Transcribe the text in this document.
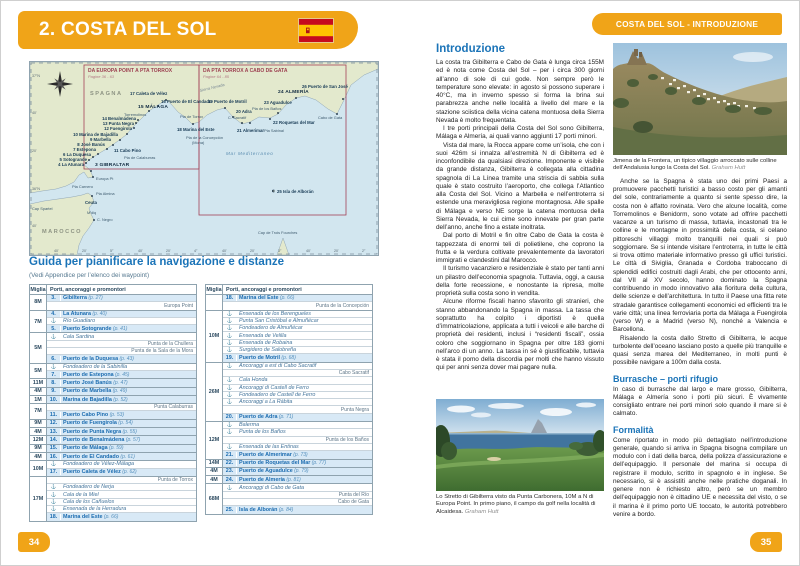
2. COSTA DEL SOL
DA EUROPA POINT A PTA TORROX
Pagine 36 - 63
DA PTA TORROX A CABO DE GATA
Pagine 64 - 85
SPAGNA
MAROCCO
Mar Mediterraneo
Sierra Nevada
3 GIBRALTAR
Europa Pt
Pta Carnero
4 La Atunara
5 Sotogrande
6 La Duquesa
7 Estepona
8 José Banús
9 Marbella
10 Marina de Bajadilla
11 Cabo Pino
Pta de Calaburras
12 Fuengirola
13 Punta Negra
14 Benalmádena
15 MÁLAGA
Torremolinos
16 Puerto de El Candado
17 Caleta de Vélez
Pta de Torrox
18 Marina del Este
Pta de la Concepción
(Mona)
19 Puerto de Motril
C. Sacratif
20 Adra
21 Almerimar Pta Sabinal
Pta de los Baños
22 Roquetas del Mar
23 Aguadulce
24 ALMERÍA
26 Puerto de San José
Cabo de Gata
25 Isla de Alborán
Cap Spartel
Pta Almina
Ceuta
M'diq
C. Negro
Cap de Trois Fourches
37°N
40'
20'
36°N
40'
40'	20'	5°	40'	20'	4°	40'	20'	3°	40'	20'	2°
Guida per pianificare la navigazione e distanze
(Vedi Appendice per l’elenco dei waypoint)
Miglia Porti, ancoraggi e promontori
8M
3.	Gibilterra (p. 27)
Europa Point
7M
4.	La Atunara (p. 40)
⚓	Río Guadiaro
5.	Puerto Sotogrande (p. 41)
5M
⚓	Cala Sardina
Punta de la Chullera
Punta de la Sala de la Mora
6.	Puerto de la Duquesa (p. 43)
5M
⚓	Fondeadero de la Sabinilla
7.	Puerto de Estepona (p. 45)
11M	8.	Puerto José Banús (p. 47)
4M	9.	Puerto de Marbella (p. 49)
1M	10.	Marina de Bajadilla (p. 52)
7M
Punta Calaburras
11.	Puerto Cabo Pino (p. 53)
9M	12.	Puerto de Fuengirola (p. 54)
4M	13.	Puerto de Punta Negra (p. 55)
12M	14.	Puerto de Benalmádena (p. 57)
9M	15.	Puerto de Málaga (p. 59)
4M	16.	Puerto de El Candado (p. 61)
10M
⚓	Fondeadero de Vélez-Málaga
17.	Puerto Caleta de Vélez (p. 62)
17M
Punta de Torrox
⚓	Fondeadero de Nerja
⚓	Cala de la Miel
⚓	Cala de los Cañuelos
⚓	Ensenada de la Herradura
18.	Marina del Este (p. 66)
Miglia Porti, ancoraggi e promontori
18.	Marina del Este (p. 66)
Punta de la Concepción
10M
⚓	Ensenada de los Berengueles
⚓	Punta San Cristóbal e Almuñécar
⚓	Fondeadero de Almuñécar
⚓	Ensenada de Velilla
⚓	Ensenada de Robaina
⚓	Surgidero de Salobreña
19.	Puerto de Motril (p. 68)
26M
⚓	Ancoraggi a est di Cabo Sacratif
Cabo Sacratif
⚓	Cala Honda
⚓	Ancoraggi di Castell de Ferro
⚓	Fondeadero de Castell de Ferro
⚓	Ancoraggi a La Rábita
Punta Negra
20.	Puerto de Adra (p. 71)
12M
⚓	Balerma
⚓	Punta de los Baños
Punta de los Baños
⚓	Ensenada de las Entinas
21.	Puerto de Almerimar (p. 73)
14M	22.	Puerto de Roquetas del Mar (p. 77)
4M	23.	Puerto de Aguadulce (p. 79)
4M	24.	Puerto de Almería (p. 81)
68M
⚓	Ancoraggi di Cabo de Gata
Punta del Río
Cabo de Gata
25.	Isla de Alborán (p. 84)
34
COSTA DEL SOL - INTRODUZIONE
Introduzione

La costa tra Gibilterra e Cabo de Gata è lunga circa 155M ed è nota come Costa del Sol – per i circa 300 giorni all’anno di sole di cui gode. Non sempre però le temperature sono elevate: in agosto si possono superare i 40°C, ma in inverno spesso si forma la brina sui parabrezza anche nelle località a livello del mare e la stazione sciistica della vicina catena montuosa della Sierra Nevada è molto frequentata.

I tre porti principali della Costa del Sol sono Gibilterra, Málaga e Almería, ai quali vanno aggiunti 17 porti minori.

Vista dal mare, la Rocca appare come un’isola, che con i suoi 426m si innalza all’estremità N di Gibilterra ed è inconfondibile da qualsiasi direzione. Imponente e visibile da grande distanza, Gibilterra è collegata alla cittadina spagnola di La Línea tramite una striscia di sabbia sulla quale è stato costruito l’aeroporto, che collega l’Atlantico alla Costa del Sol. Vicino a Marbella e nell’entroterra si estende una meravigliosa regione montagnosa. Alle spalle di Málaga e verso NE sorge la catena montuosa della Sierra Nevada, le cui cime sono innevate per gran parte dell’anno, anche fino a estate inoltrata.

Dal porto di Motril e fin oltre Cabo de Gata la costa è tappezzata di enormi teli di polietilene, che coprono la frutta e la verdura coltivate prevalentemente da lavoratori immigrati e clandestini dal Marocco.

Il turismo vacanziero e residenziale è stato per tanti anni un pilastro dell’economia spagnola. Tuttavia, oggi, a causa della forte recessione, e nonostante la ripresa, molte proprietà sulla costa sono in vendita.

Alcune riforme fiscali hanno sfavorito gli stranieri, che stanno abbandonando la Spagna in massa. La tassa che soprattutto ha colpito i diportisti è quella d’immatricolazione, applicata a tutti i veicoli e alle barche di proprietà dei residenti, inclusi i “residenti fiscali”, ossia coloro che soggiornano in Spagna per oltre 183 giorni nell’arco di un anno. La tassa in sé è giustificabile, tuttavia è stata il pomo della discordia per molti che hanno vissuto qui per anni senza dover mai pagare nulla.

Lo Stretto di Gibilterra visto da Punta Carbonera, 10M a N di Europa Point. In primo piano, il campo da golf nella località di Alcaidesa. Graham Hutt
Jimena de la Frontera, un tipico villaggio arroccato sulle colline dell’Andalusia lungo la Costa del Sol. Graham Hutt

Anche se la Spagna è stata uno dei primi Paesi a promuovere pacchetti turistici a basso costo per gli amanti del sole, contrariamente a quanto si sente spesso dire, la costa non è affatto rovinata. Vero che alcune località, come Torremolinos e Benidorm, sono votate ad offrire pacchetti vacanze a un turismo di massa, tuttavia, incastonati tra le colline e le montagne in prossimità della costa, si celano pittoreschi villaggi molto tranquilli nei quali si può soggiornare. Se si intende visitare l’entroterra, in tutte le città si trova ottimo materiale informativo presso gli uffici turistici. Le città di Siviglia, Granada e Cordoba traboccano di splendidi edifici costruiti dagli Arabi, che per ottocento anni, dal VII al XV secolo, hanno dominato la Spagna contribuendo in modo innovativo alla fioritura della cultura, delle scienze e dell’architettura. In tutto il Paese una fitta rete stradale garantisce collegamenti economici ed efficienti tra le varie città; una linea ferroviaria porta da Málaga a Fuengirola (verso W) e a Madrid (verso N), nonché a Valencia e Barcellona.

Risalendo la costa dallo Stretto di Gibilterra, le acque turbolente dell’oceano lasciano posto a quelle più tranquille e quasi senza marea del Mediterraneo, in molti punti è possibile navigare a 100m dalla costa.

Burrasche – porti rifugio

In caso di burrasche dal largo e mare grosso, Gibilterra, Málaga e Almería sono i porti più sicuri. È vivamente consigliato entrare nei porti minori solo quando il mare si è calmato.

Formalità

Come riportato in modo più dettagliato nell’introduzione generale, quando si arriva in Spagna bisogna compilare un modulo con i dati della barca, della polizza d’assicurazione e dell’equipaggio. Il personale del marina si occupa di registrare il modulo, scritto in spagnolo e in inglese. Se necessario, si è assistiti anche nelle pratiche doganali. In genere non è richiesto altro, però se un membro dell’equipaggio non è cittadino UE e necessita del visto, o se il marina è il primo porto UE toccato, le autorità potrebbero venire a bordo.

35
